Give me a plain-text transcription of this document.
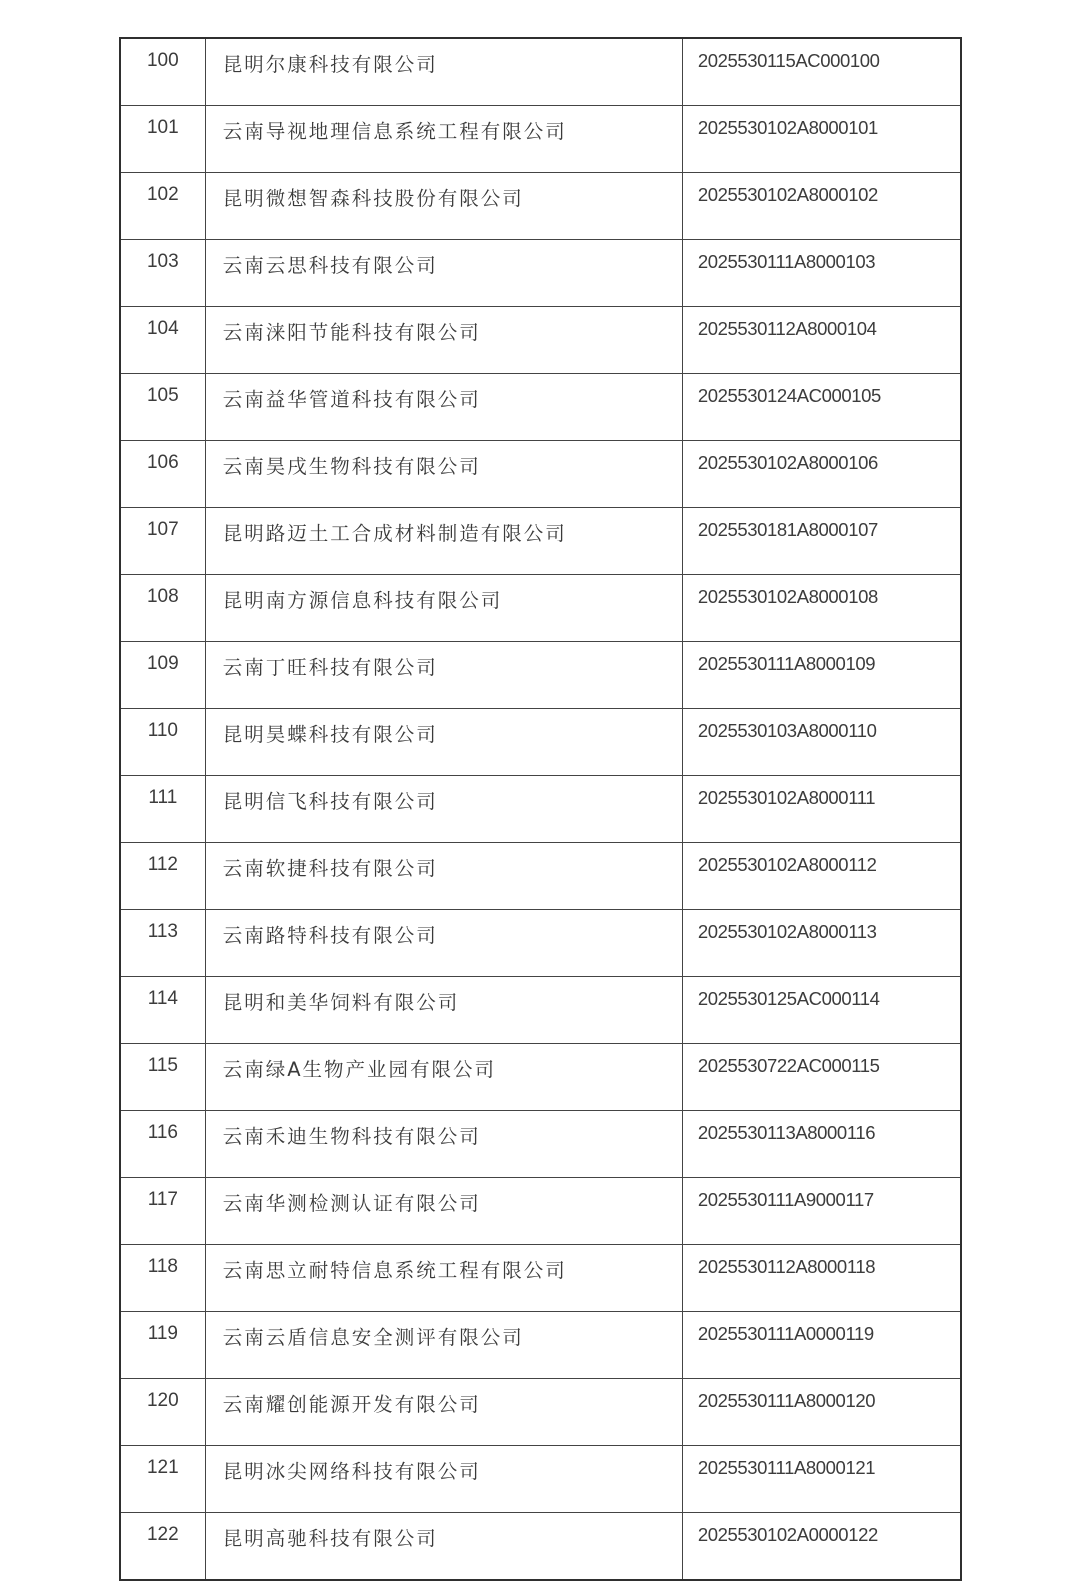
100	昆明尔康科技有限公司	2025530115AC000100
101	云南导视地理信息系统工程有限公司	2025530102A8000101
102	昆明微想智森科技股份有限公司	2025530102A8000102
103	云南云思科技有限公司	2025530111A8000103
104	云南涞阳节能科技有限公司	2025530112A8000104
105	云南益华管道科技有限公司	2025530124AC000105
106	云南昊戌生物科技有限公司	2025530102A8000106
107	昆明路迈土工合成材料制造有限公司	2025530181A8000107
108	昆明南方源信息科技有限公司	2025530102A8000108
109	云南丁旺科技有限公司	2025530111A8000109
110	昆明昊蝶科技有限公司	2025530103A8000110
111	昆明信飞科技有限公司	2025530102A8000111
112	云南软捷科技有限公司	2025530102A8000112
113	云南路特科技有限公司	2025530102A8000113
114	昆明和美华饲料有限公司	2025530125AC000114
115	云南绿A生物产业园有限公司	2025530722AC000115
116	云南禾迪生物科技有限公司	2025530113A8000116
117	云南华测检测认证有限公司	2025530111A9000117
118	云南思立耐特信息系统工程有限公司	2025530112A8000118
119	云南云盾信息安全测评有限公司	2025530111A0000119
120	云南耀创能源开发有限公司	2025530111A8000120
121	昆明冰尖网络科技有限公司	2025530111A8000121
122	昆明高驰科技有限公司	2025530102A0000122
